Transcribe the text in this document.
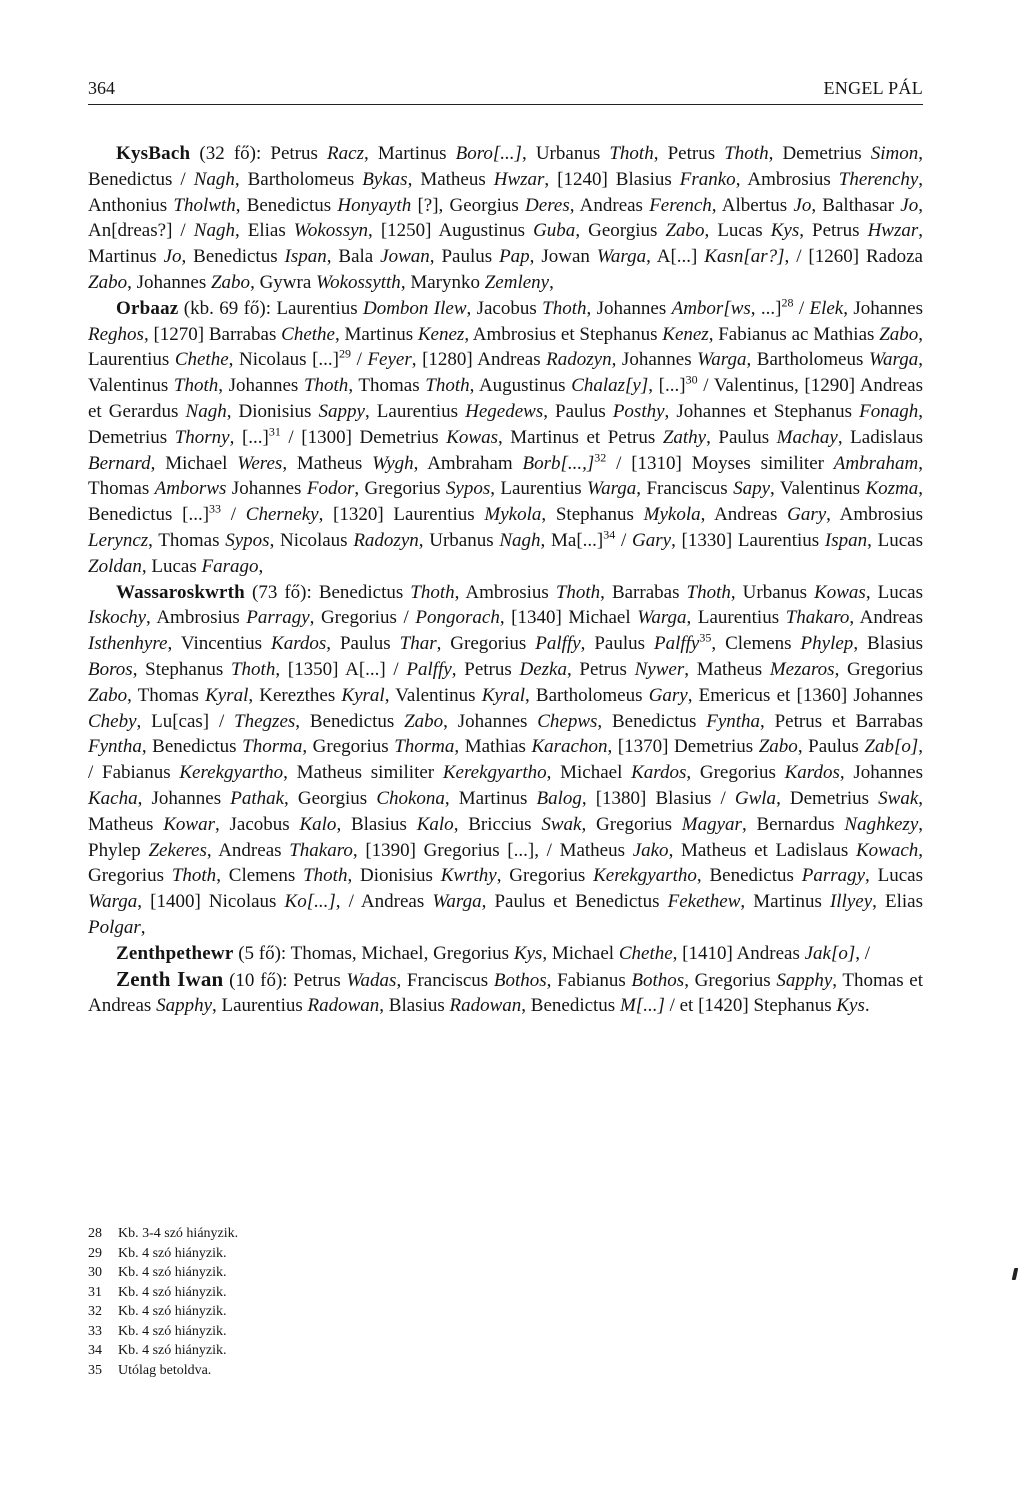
364	ENGEL PÁL

KysBach (32 fő): Petrus Racz, Martinus Boro[...], Urbanus Thoth, Petrus Thoth, Demetrius Simon, Benedictus / Nagh, Bartholomeus Bykas, Matheus Hwzar, [1240] Blasius Franko, Ambrosius Therenchy, Anthonius Tholwth, Benedictus Honyayth [?], Georgius Deres, Andreas Ferench, Albertus Jo, Balthasar Jo, An[dreas?] / Nagh, Elias Wokossyn, [1250] Augustinus Guba, Georgius Zabo, Lucas Kys, Petrus Hwzar, Martinus Jo, Benedictus Ispan, Bala Jowan, Paulus Pap, Jowan Warga, A[...] Kasn[ar?], / [1260] Radoza Zabo, Johannes Zabo, Gywra Wokossytth, Marynko Zemleny,

Orbaaz (kb. 69 fő): Laurentius Dombon Ilew, Jacobus Thoth, Johannes Ambor[ws, ...]$^{28}$ / Elek, Johannes Reghos, [1270] Barrabas Chethe, Martinus Kenez, Ambrosius et Stephanus Kenez, Fabianus ac Mathias Zabo, Laurentius Chethe, Nicolaus [...]$^{29}$ / Feyer, [1280] Andreas Radozyn, Johannes Warga, Bartholomeus Warga, Valentinus Thoth, Johannes Thoth, Thomas Thoth, Augustinus Chalaz[y], [...]$^{30}$ / Valentinus, [1290] Andreas et Gerardus Nagh, Dionisius Sappy, Laurentius Hegedews, Paulus Posthy, Johannes et Stephanus Fonagh, Demetrius Thorny, [...]$^{31}$ / [1300] Demetrius Kowas, Martinus et Petrus Zathy, Paulus Machay, Ladislaus Bernard, Michael Weres, Matheus Wygh, Ambraham Borb[...,]$^{32}$ / [1310] Moyses similiter Ambraham, Thomas Amborws Johannes Fodor, Gregorius Sypos, Laurentius Warga, Franciscus Sapy, Valentinus Kozma, Benedictus [...]$^{33}$ / Cherneky, [1320] Laurentius Mykola, Stephanus Mykola, Andreas Gary, Ambrosius Leryncz, Thomas Sypos, Nicolaus Radozyn, Urbanus Nagh, Ma[...]$^{34}$ / Gary, [1330] Laurentius Ispan, Lucas Zoldan, Lucas Farago,

Wassaroskwrth (73 fő): Benedictus Thoth, Ambrosius Thoth, Barrabas Thoth, Urbanus Kowas, Lucas Iskochy, Ambrosius Parragy, Gregorius / Pongorach, [1340] Michael Warga, Laurentius Thakaro, Andreas Isthenhyre, Vincentius Kardos, Paulus Thar, Gregorius Palffy, Paulus Palffy$^{35}$, Clemens Phylep, Blasius Boros, Stephanus Thoth, [1350] A[...] / Palffy, Petrus Dezka, Petrus Nywer, Matheus Mezaros, Gregorius Zabo, Thomas Kyral, Kerezthes Kyral, Valentinus Kyral, Bartholomeus Gary, Emericus et [1360] Johannes Cheby, Lu[cas] / Thegzes, Benedictus Zabo, Johannes Chepws, Benedictus Fyntha, Petrus et Barrabas Fyntha, Benedictus Thorma, Gregorius Thorma, Mathias Karachon, [1370] Demetrius Zabo, Paulus Zab[o], / Fabianus Kerekgyartho, Matheus similiter Kerekgyartho, Michael Kardos, Gregorius Kardos, Johannes Kacha, Johannes Pathak, Georgius Chokona, Martinus Balog, [1380] Blasius / Gwla, Demetrius Swak, Matheus Kowar, Jacobus Kalo, Blasius Kalo, Briccius Swak, Gregorius Magyar, Bernardus Naghkezy, Phylep Zekeres, Andreas Thakaro, [1390] Gregorius [...], / Matheus Jako, Matheus et Ladislaus Kowach, Gregorius Thoth, Clemens Thoth, Dionisius Kwrthy, Gregorius Kerekgyartho, Benedictus Parragy, Lucas Warga, [1400] Nicolaus Ko[...], / Andreas Warga, Paulus et Benedictus Fekethew, Martinus Illyey, Elias Polgar,

Zenthpethewr (5 fő): Thomas, Michael, Gregorius Kys, Michael Chethe, [1410] Andreas Jak[o], /

Zenth Iwan (10 fő): Petrus Wadas, Franciscus Bothos, Fabianus Bothos, Gregorius Sapphy, Thomas et Andreas Sapphy, Laurentius Radowan, Blasius Radowan, Benedictus M[...] / et [1420] Stephanus Kys.

28	Kb. 3-4 szó hiányzik.
29	Kb. 4 szó hiányzik.
30	Kb. 4 szó hiányzik.
31	Kb. 4 szó hiányzik.
32	Kb. 4 szó hiányzik.
33	Kb. 4 szó hiányzik.
34	Kb. 4 szó hiányzik.
35	Utólag betoldva.
